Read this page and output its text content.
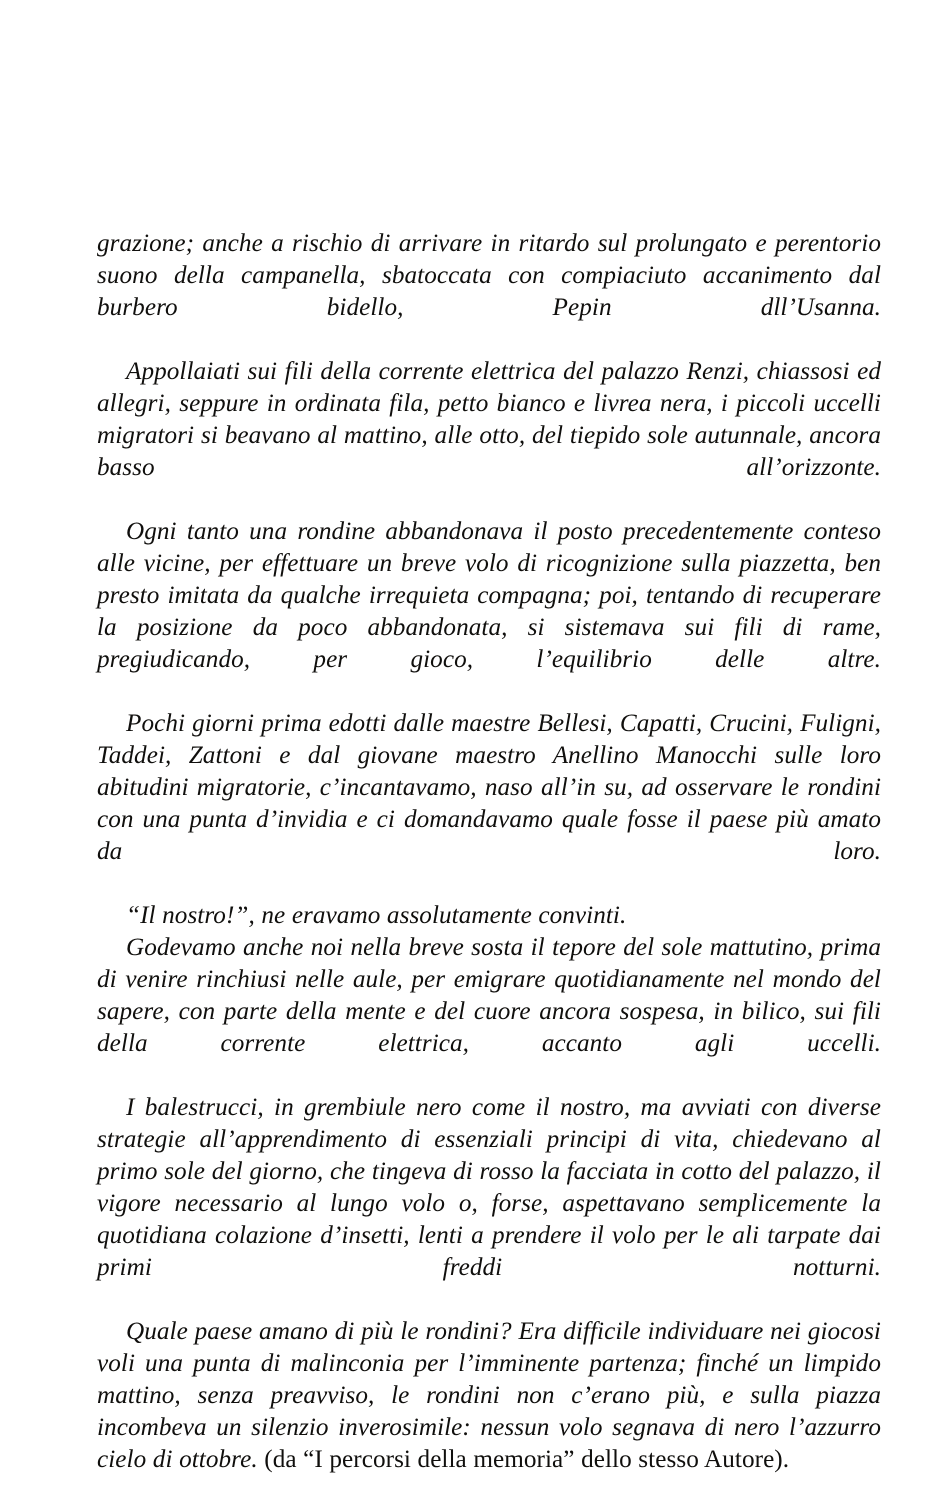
grazione; anche a rischio di arrivare in ritardo sul prolungato e perentorio suono della campanella, sbatoccata con compiaciuto accanimento dal burbero bidello, Pepin dll’Usanna.

Appollaiati sui fili della corrente elettrica del palazzo Renzi, chiassosi ed allegri, seppure in ordinata fila, petto bianco e livrea nera, i piccoli uccelli migratori si beavano al mattino, alle otto, del tiepido sole autunnale, ancora basso all’orizzonte.

Ogni tanto una rondine abbandonava il posto precedentemente conteso alle vicine, per effettuare un breve volo di ricognizione sulla piazzetta, ben presto imitata da qualche irrequieta compagna; poi, tentando di recuperare la posizione da poco abbandonata, si sistemava sui fili di rame, pregiudicando, per gioco, l’equilibrio delle altre.

Pochi giorni prima edotti dalle maestre Bellesi, Capatti, Crucini, Fuligni, Taddei, Zattoni e dal giovane maestro Anellino Manocchi sulle loro abitudini migratorie, c’incantavamo, naso all’in su, ad osservare le rondini con una punta d’invidia e ci domandavamo quale fosse il paese più amato da loro.

“Il nostro!”, ne eravamo assolutamente convinti.

Godevamo anche noi nella breve sosta il tepore del sole mattutino, prima di venire rinchiusi nelle aule, per emigrare quotidianamente nel mondo del sapere, con parte della mente e del cuore ancora sospesa, in bilico, sui fili della corrente elettrica, accanto agli uccelli.

I balestrucci, in grembiule nero come il nostro, ma avviati con diverse strategie all’apprendimento di essenziali principi di vita, chiedevano al primo sole del giorno, che tingeva di rosso la facciata in cotto del palazzo, il vigore necessario al lungo volo o, forse, aspettavano semplicemente la quotidiana colazione d’insetti, lenti a prendere il volo per le ali tarpate dai primi freddi notturni.

Quale paese amano di più le rondini? Era difficile individuare nei giocosi voli una punta di malinconia per l’imminente partenza; finché un limpido mattino, senza preavviso, le rondini non c’erano più, e sulla piazza incombeva un silenzio inverosimile: nessun volo segnava di nero l’azzurro cielo di ottobre. (da “I percorsi della memoria” dello stesso Autore).
